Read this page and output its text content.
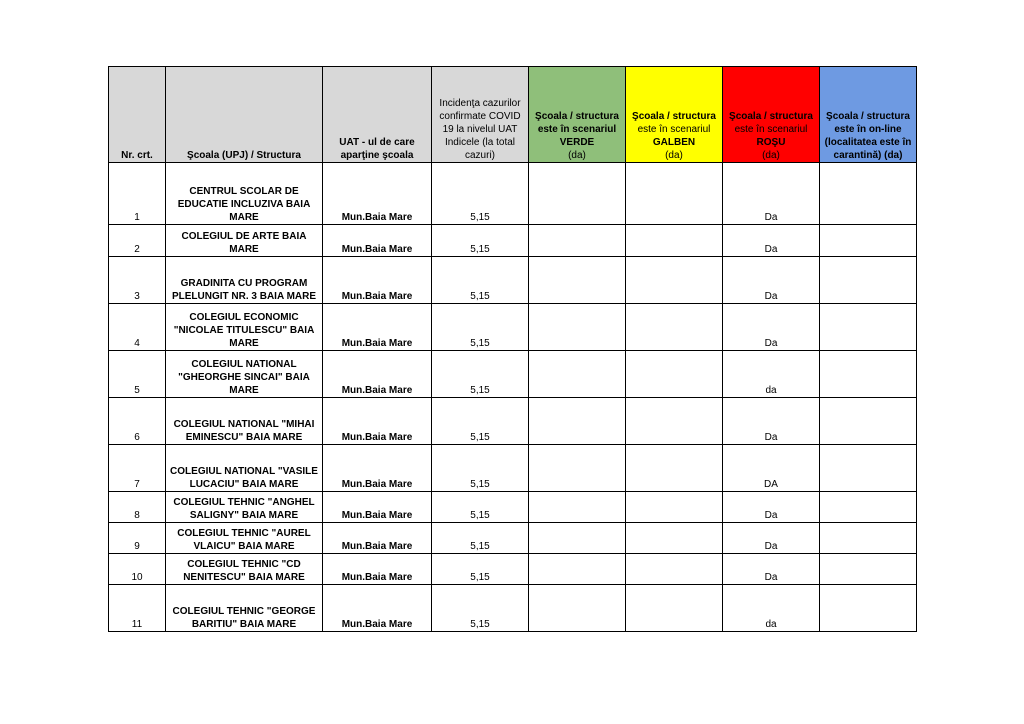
Nr. crt.	Şcoala (UPJ) / Structura	UAT - ul de care aparţine şcoala	Incidenţa cazurilor confirmate COVID 19 la nivelul UAT Indicele (la total cazuri)	Şcoala / structura
este în scenariul
VERDE
(da)	Şcoala / structura
este în scenariul
GALBEN
(da)	Şcoala / structura
este în scenariul
ROŞU
(da)	Şcoala / structura este în on-line (localitatea este în carantină) (da)
1	CENTRUL SCOLAR DE EDUCATIE INCLUZIVA BAIA MARE	Mun.Baia Mare	5,15			Da	
2	COLEGIUL DE ARTE BAIA MARE	Mun.Baia Mare	5,15			Da	
3	GRADINITA CU PROGRAM PLELUNGIT NR. 3 BAIA MARE	Mun.Baia Mare	5,15			Da	
4	COLEGIUL ECONOMIC "NICOLAE TITULESCU" BAIA MARE	Mun.Baia Mare	5,15			Da	
5	COLEGIUL NATIONAL "GHEORGHE SINCAI" BAIA MARE	Mun.Baia Mare	5,15			da	
6	COLEGIUL NATIONAL "MIHAI EMINESCU" BAIA MARE	Mun.Baia Mare	5,15			Da	
7	COLEGIUL NATIONAL "VASILE LUCACIU" BAIA MARE	Mun.Baia Mare	5,15			DA	
8	COLEGIUL TEHNIC "ANGHEL SALIGNY" BAIA MARE	Mun.Baia Mare	5,15			Da	
9	COLEGIUL TEHNIC "AUREL VLAICU" BAIA MARE	Mun.Baia Mare	5,15			Da	
10	COLEGIUL TEHNIC "CD NENITESCU" BAIA MARE	Mun.Baia Mare	5,15			Da	
11	COLEGIUL TEHNIC "GEORGE BARITIU" BAIA MARE	Mun.Baia Mare	5,15			da	
